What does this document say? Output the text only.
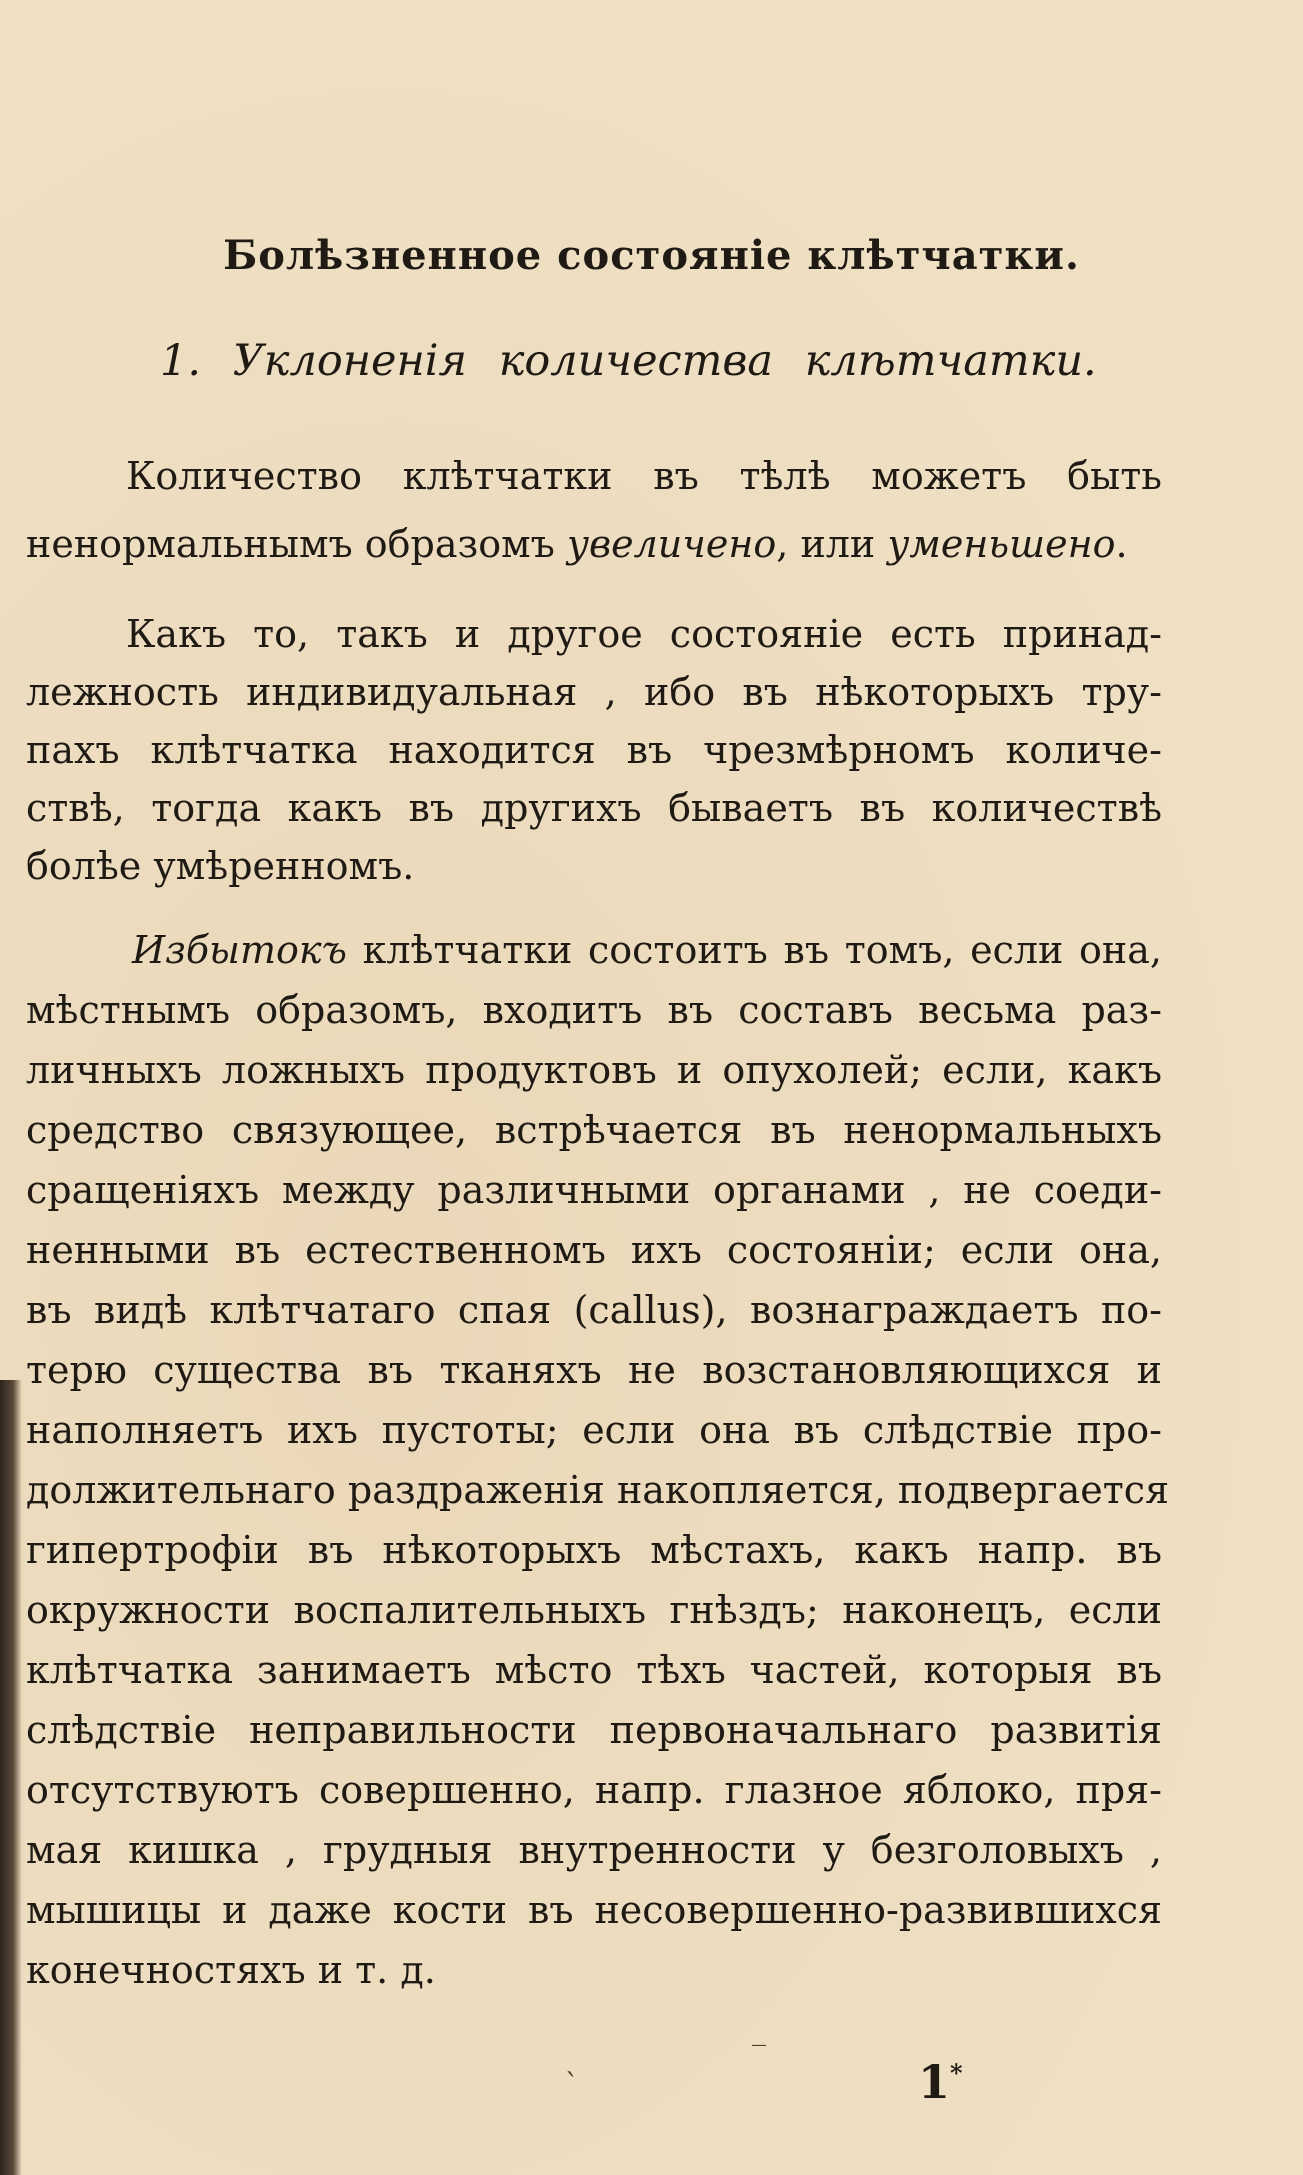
Болѣзненное состоянiе клѣтчатки.
1. Уклоненiя количества клѣтчатки.
Количество клѣтчатки въ тѣлѣ можетъ быть
ненормальнымъ образомъ увеличено, или уменьшено.
Какъ то, такъ и другое состоянiе есть принад-
лежность индивидуальная , ибо въ нѣкоторыхъ тру-
пахъ клѣтчатка находится въ чрезмѣрномъ количе-
ствѣ, тогда какъ въ другихъ бываетъ въ количествѣ
болѣе умѣренномъ.
Избытокъ клѣтчатки состоитъ въ томъ, если она,
мѣстнымъ образомъ, входитъ въ составъ весьма раз-
личныхъ ложныхъ продуктовъ и опухолей; если, какъ
средство связующее, встрѣчается въ ненормальныхъ
сращенiяхъ между различными органами , не соеди-
ненными въ естественномъ ихъ состоянiи; если она,
въ видѣ клѣтчатаго спая (callus), вознаграждаетъ по-
терю существа въ тканяхъ не возстановляющихся и
наполняетъ ихъ пустоты; если она въ слѣдствiе про-
должительнаго раздраженiя накопляется, подвергается
гипертрофiи въ нѣкоторыхъ мѣстахъ, какъ напр. въ
окружности воспалительныхъ гнѣздъ; наконецъ, если
клѣтчатка занимаетъ мѣсто тѣхъ частей, которыя въ
слѣдствiе неправильности первоначальнаго развитiя
отсутствуютъ совершенно, напр. глазное яблоко, пря-
мая кишка , грудныя внутренности у безголовыхъ ,
мышицы и даже кости въ несовершенно-развившихся
конечностяхъ и т. д.
‾
ˋ	1*
